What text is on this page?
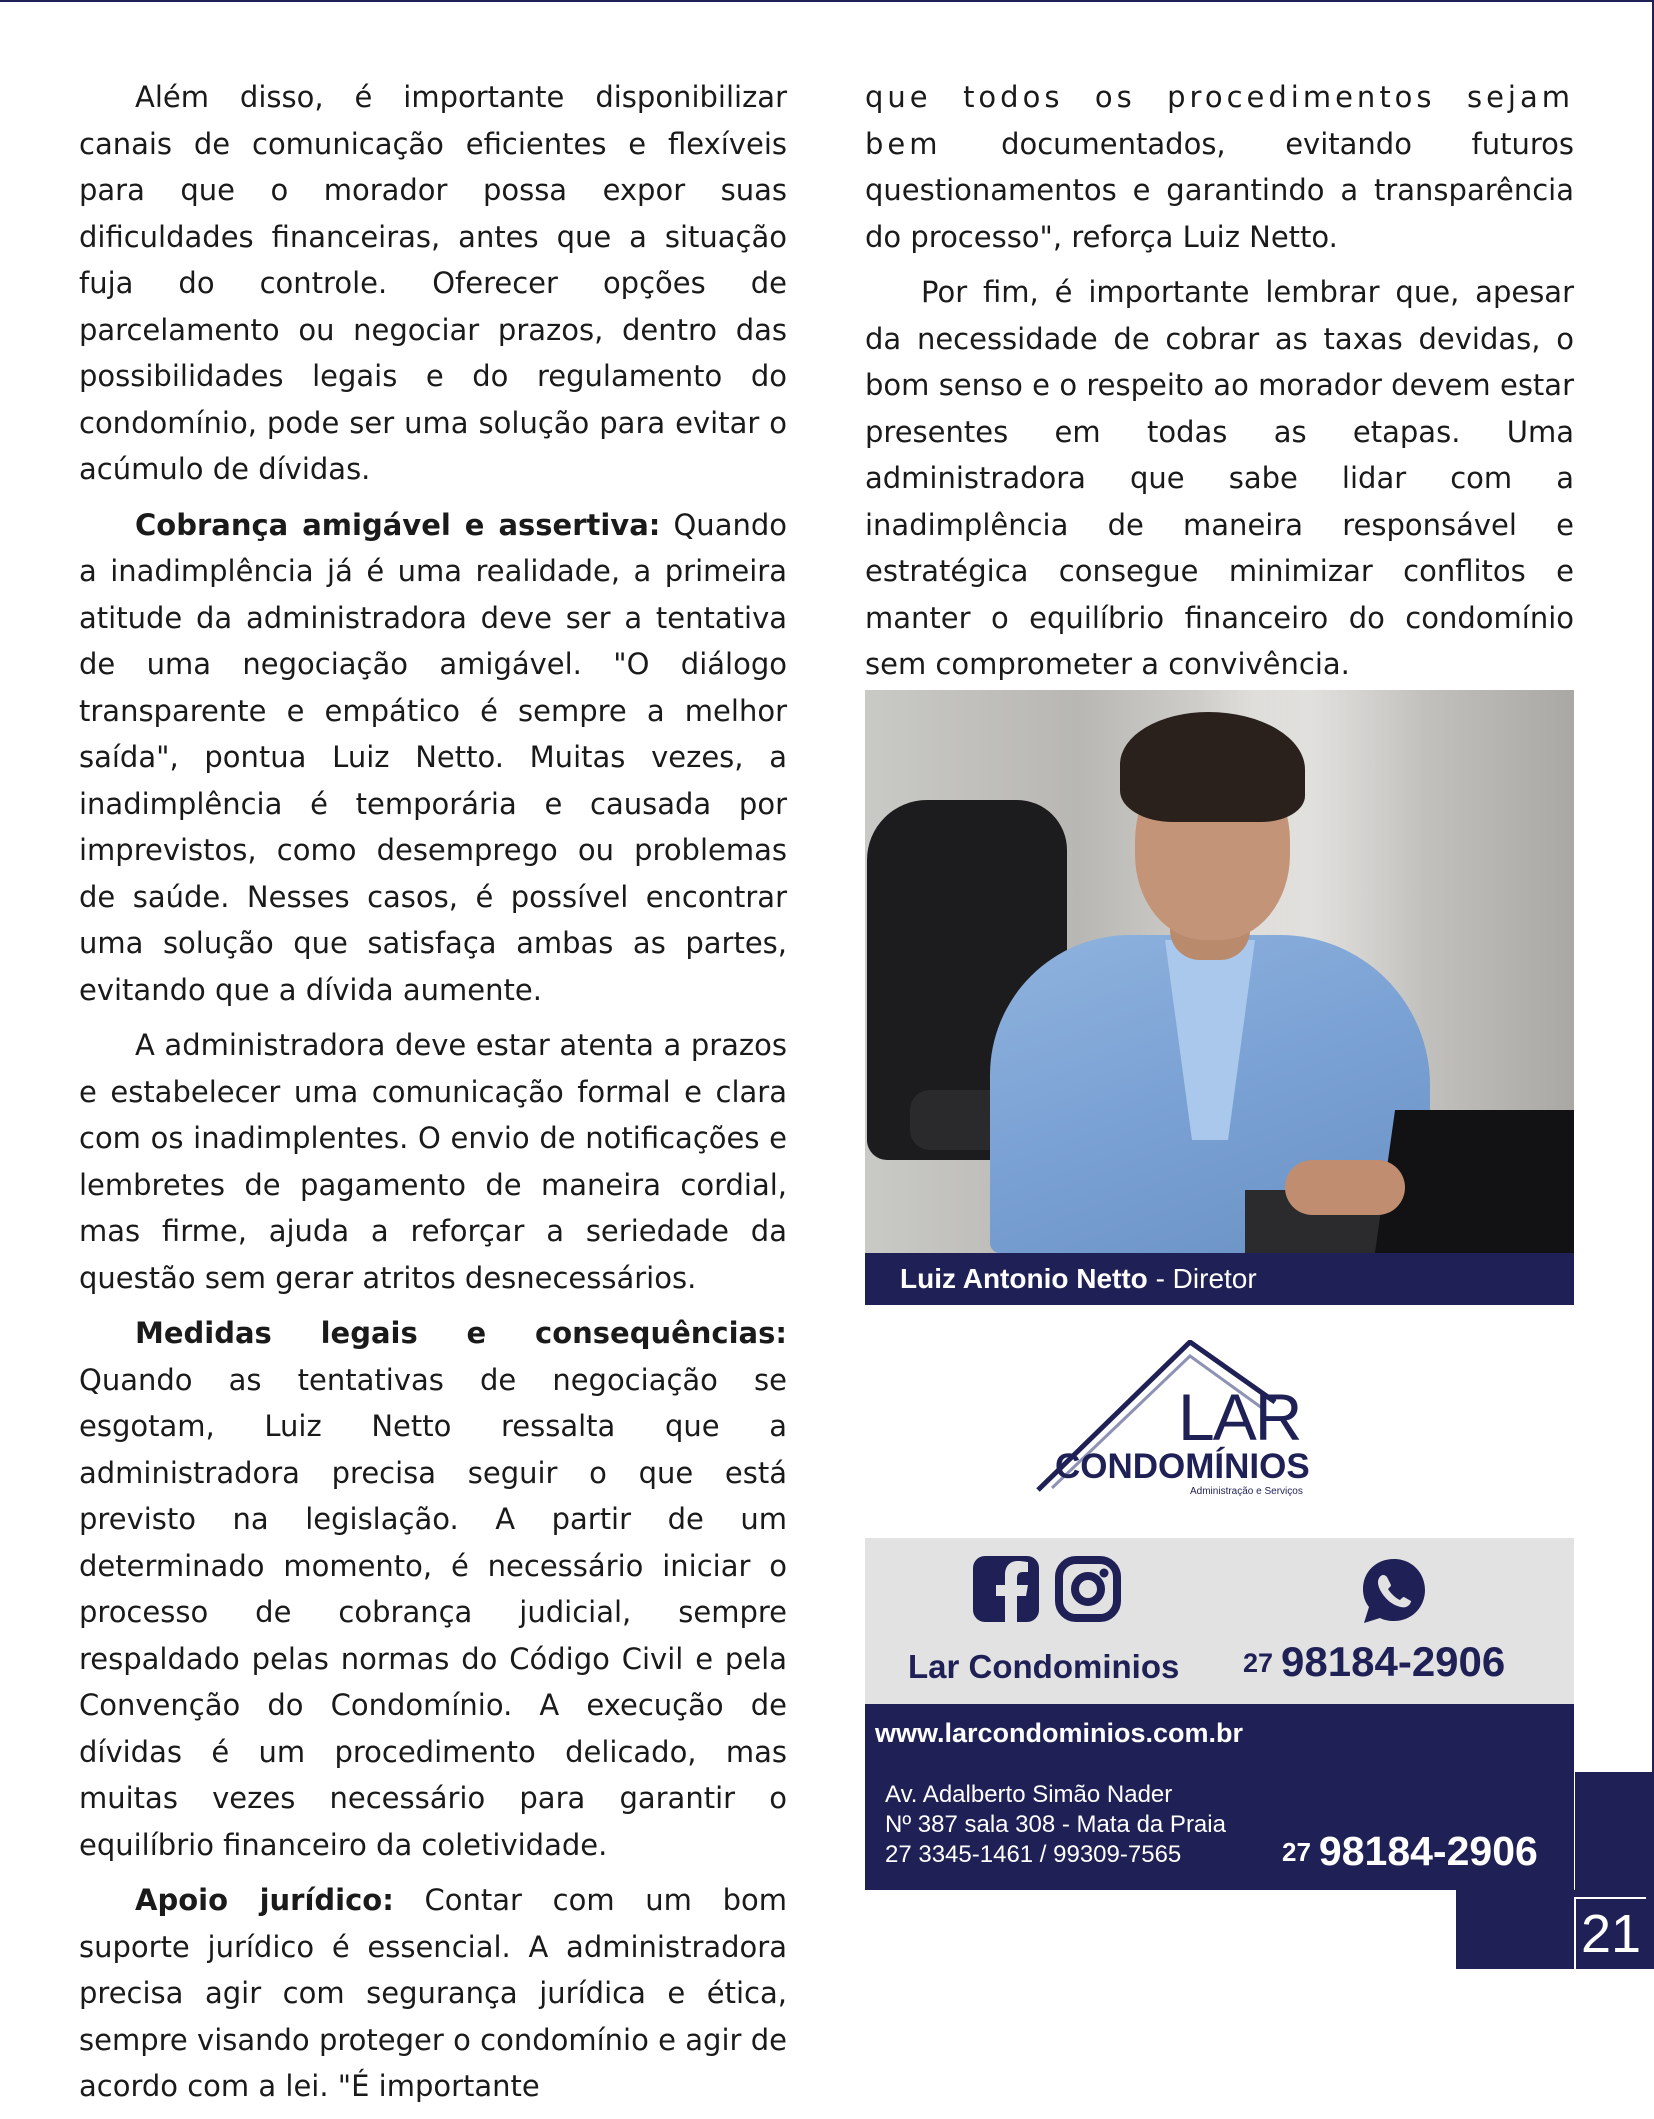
Além disso, é importante disponibilizar canais de comunicação eficientes e flexíveis para que o morador possa expor suas dificuldades financeiras, antes que a situação fuja do controle. Oferecer opções de parcelamento ou negociar prazos, dentro das possibilidades legais e do regulamento do condomínio, pode ser uma solução para evitar o acúmulo de dívidas.

Cobrança amigável e assertiva: Quando a inadimplência já é uma realidade, a primeira atitude da administradora deve ser a tentativa de uma negociação amigável. "O diálogo transparente e empático é sempre a melhor saída", pontua Luiz Netto. Muitas vezes, a inadimplência é temporária e causada por imprevistos, como desemprego ou problemas de saúde. Nesses casos, é possível encontrar uma solução que satisfaça ambas as partes, evitando que a dívida aumente.

A administradora deve estar atenta a prazos e estabelecer uma comunicação formal e clara com os inadimplentes. O envio de notificações e lembretes de pagamento de maneira cordial, mas firme, ajuda a reforçar a seriedade da questão sem gerar atritos desnecessários.

Medidas legais e consequências: Quando as tentativas de negociação se esgotam, Luiz Netto ressalta que a administradora precisa seguir o que está previsto na legislação. A partir de um determinado momento, é necessário iniciar o processo de cobrança judicial, sempre respaldado pelas normas do Código Civil e pela Convenção do Condomínio. A execução de dívidas é um procedimento delicado, mas muitas vezes necessário para garantir o equilíbrio financeiro da coletividade.

Apoio jurídico: Contar com um bom suporte jurídico é essencial. A administradora precisa agir com segurança jurídica e ética, sempre visando proteger o condomínio e agir de acordo com a lei. "É importante

que todos os procedimentos sejam bem documentados, evitando futuros questionamentos e garantindo a transparência do processo", reforça Luiz Netto.

Por fim, é importante lembrar que, apesar da necessidade de cobrar as taxas devidas, o bom senso e o respeito ao morador devem estar presentes em todas as etapas. Uma administradora que sabe lidar com a inadimplência de maneira responsável e estratégica consegue minimizar conflitos e manter o equilíbrio financeiro do condomínio sem comprometer a convivência.

Luiz Antonio Netto - Diretor
LAR
CONDOMÍNIOS
Administração e Serviços
Lar Condominios 27 98184-2906
www.larcondominios.com.br
Av. Adalberto Simão Nader
Nº 387 sala 308 - Mata da Praia
27 3345-1461 / 99309-7565	27 98184-2906
21
